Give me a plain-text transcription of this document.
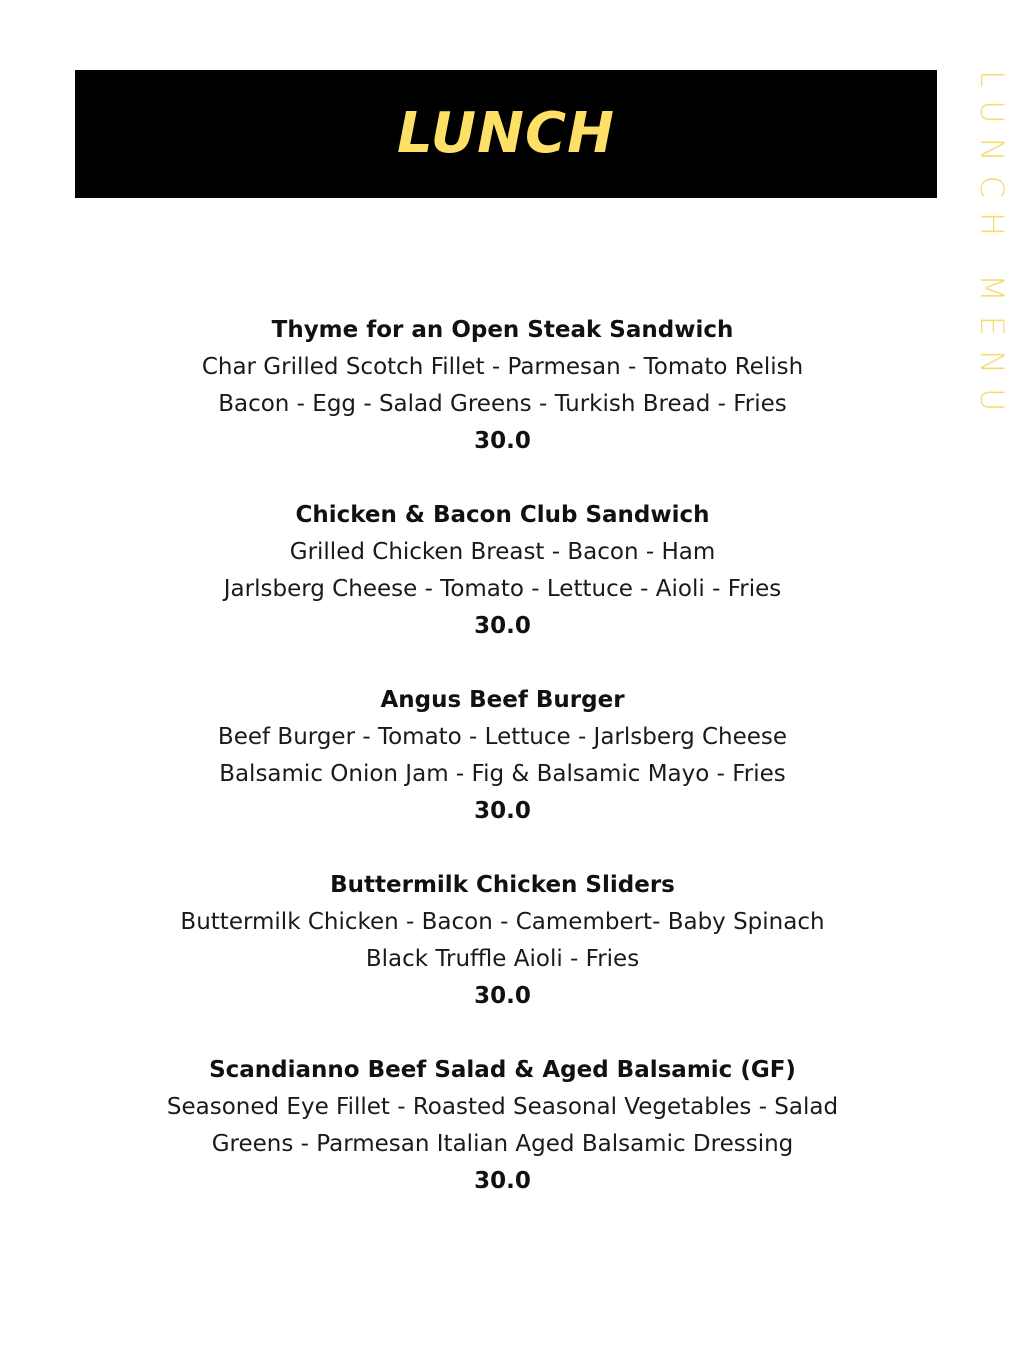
LUNCH	LUNCH MENU
Thyme for an Open Steak Sandwich
Char Grilled Scotch Fillet - Parmesan - Tomato Relish
Bacon - Egg - Salad Greens - Turkish Bread - Fries
30.0
Chicken & Bacon Club Sandwich
Grilled Chicken Breast - Bacon - Ham
Jarlsberg Cheese - Tomato - Lettuce - Aioli - Fries
30.0
Angus Beef Burger
Beef Burger - Tomato - Lettuce - Jarlsberg Cheese
Balsamic Onion Jam - Fig & Balsamic Mayo - Fries
30.0
Buttermilk Chicken Sliders
Buttermilk Chicken - Bacon - Camembert- Baby Spinach
Black Truffle Aioli - Fries
30.0
Scandianno Beef Salad & Aged Balsamic (GF)
Seasoned Eye Fillet - Roasted Seasonal Vegetables - Salad
Greens - Parmesan Italian Aged Balsamic Dressing
30.0
